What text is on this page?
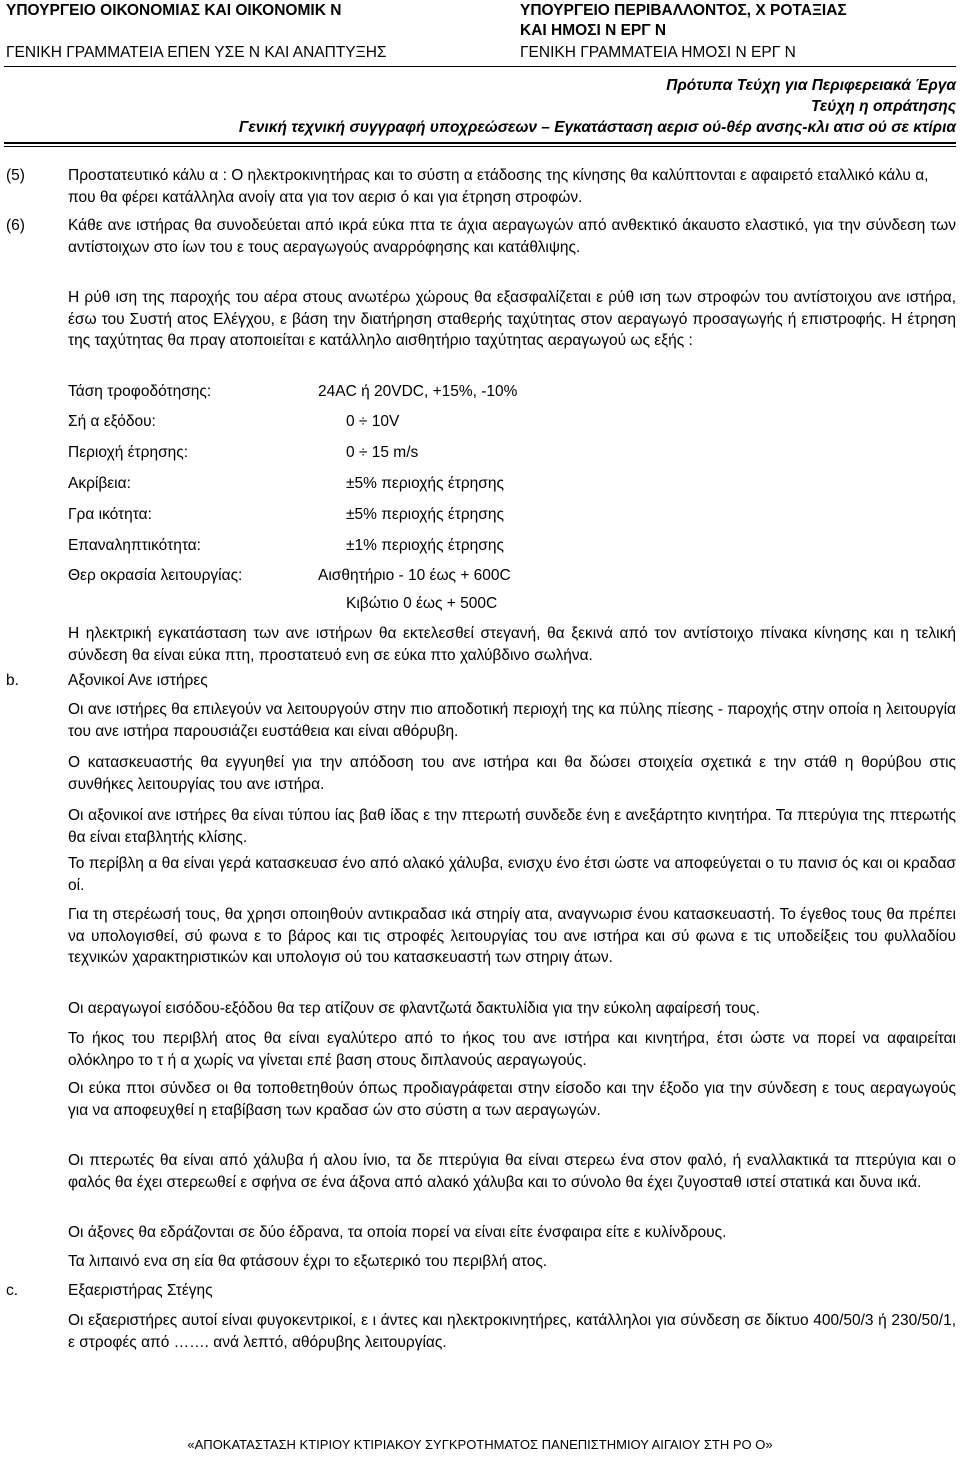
ΥΠΟΥΡΓΕΙΟ ΟΙΚΟΝΟΜΙΑΣ ΚΑΙ ΟΙΚΟΝΟΜΙΚ Ν
ΓΕΝΙΚΗ ΓΡΑΜΜΑΤΕΙΑ ΕΠΕΝ ΥΣΕ Ν ΚΑΙ ΑΝΑΠΤΥΞΗΣ
ΥΠΟΥΡΓΕΙΟ ΠΕΡΙΒΑΛΛΟΝΤΟΣ, Χ ΡΟΤΑΞΙΑΣ
ΚΑΙ ΗΜΟΣΙ Ν ΕΡΓ Ν
ΓΕΝΙΚΗ ΓΡΑΜΜΑΤΕΙΑ ΗΜΟΣΙ Ν ΕΡΓ Ν
Πρότυπα Τεύχη για Περιφερειακά Έργα
Τεύχη η οπράτησης
Γενική τεχνική συγγραφή υποχρεώσεων – Εγκατάσταση αερισ ού-θέρ ανσης-κλι ατισ ού σε κτίρια
(5)	Προστατευτικό κάλυ α : Ο ηλεκτροκινητήρας και το σύστη α ετάδοσης της κίνησης θα καλύπτονται ε αφαιρετό εταλλικό κάλυ α, που θα φέρει κατάλληλα ανοίγ ατα για τον αερισ ό και για έτρηση στροφών.
(6)	Κάθε ανε ιστήρας θα συνοδεύεται από ικρά εύκα πτα τε άχια αεραγωγών από ανθεκτικό άκαυστο ελαστικό, για την σύνδεση των αντίστοιχων στο ίων του ε τους αεραγωγούς αναρρόφησης και κατάθλιψης.
Η ρύθ ιση της παροχής του αέρα στους ανωτέρω χώρους θα εξασφαλίζεται ε ρύθ ιση των στροφών του αντίστοιχου ανε ιστήρα, έσω του Συστή ατος Ελέγχου, ε βάση την διατήρηση σταθερής ταχύτητας στον αεραγωγό προσαγωγής ή επιστροφής. Η έτρηση της ταχύτητας θα πραγ ατοποιείται ε κατάλληλο αισθητήριο ταχύτητας αεραγωγού ως εξής :
Τάση τροφοδότησης:	24AC ή 20VDC, +15%, -10%
Σή α εξόδου:	0 ÷ 10V
Περιοχή έτρησης:	0 ÷ 15 m/s
Ακρίβεια:	±5% περιοχής έτρησης
Γρα ικότητα:	±5% περιοχής έτρησης
Επαναληπτικότητα:	±1% περιοχής έτρησης
Θερ οκρασία λειτουργίας:	Αισθητήριο - 10 έως + 600C
Κιβώτιο 0 έως + 500C
Η ηλεκτρική εγκατάσταση των ανε ιστήρων θα εκτελεσθεί στεγανή, θα ξεκινά από τον αντίστοιχο πίνακα κίνησης και η τελική σύνδεση θα είναι εύκα πτη, προστατευό ενη σε εύκα πτο χαλύβδινο σωλήνα.
b.	Αξονικοί Ανε ιστήρες
Οι ανε ιστήρες θα επιλεγούν να λειτουργούν στην πιο αποδοτική περιοχή της κα πύλης πίεσης - παροχής στην οποία η λειτουργία του ανε ιστήρα παρουσιάζει ευστάθεια και είναι αθόρυβη.
Ο κατασκευαστής θα εγγυηθεί για την απόδοση του ανε ιστήρα και θα δώσει στοιχεία σχετικά ε την στάθ η θορύβου στις συνθήκες λειτουργίας του ανε ιστήρα.
Οι αξονικοί ανε ιστήρες θα είναι τύπου ίας βαθ ίδας ε την πτερωτή συνδεδε ένη ε ανεξάρτητο κινητήρα. Τα πτερύγια της πτερωτής θα είναι εταβλητής κλίσης.
Το περίβλη α θα είναι γερά κατασκευασ ένο από αλακό χάλυβα, ενισχυ ένο έτσι ώστε να αποφεύγεται ο τυ πανισ ός και οι κραδασ οί.
Για τη στερέωσή τους, θα χρησι οποιηθούν αντικραδασ ικά στηρίγ ατα, αναγνωρισ ένου κατασκευαστή. Το έγεθος τους θα πρέπει να υπολογισθεί, σύ φωνα ε το βάρος και τις στροφές λειτουργίας του ανε ιστήρα και σύ φωνα ε τις υποδείξεις του φυλλαδίου τεχνικών χαρακτηριστικών και υπολογισ ού του κατασκευαστή των στηριγ άτων.
Οι αεραγωγοί εισόδου-εξόδου θα τερ ατίζουν σε φλαντζωτά δακτυλίδια για την εύκολη αφαίρεσή τους.
Το ήκος του περιβλή ατος θα είναι εγαλύτερο από το ήκος του ανε ιστήρα και κινητήρα, έτσι ώστε να πορεί να αφαιρείται ολόκληρο το τ ή α χωρίς να γίνεται επέ βαση στους διπλανούς αεραγωγούς.
Οι εύκα πτοι σύνδεσ οι θα τοποθετηθούν όπως προδιαγράφεται στην είσοδο και την έξοδο για την σύνδεση ε τους αεραγωγούς για να αποφευχθεί η εταβίβαση των κραδασ ών στο σύστη α των αεραγωγών.
Οι πτερωτές θα είναι από χάλυβα ή αλου ίνιο, τα δε πτερύγια θα είναι στερεω ένα στον φαλό, ή εναλλακτικά τα πτερύγια και ο φαλός θα έχει στερεωθεί ε σφήνα σε ένα άξονα από αλακό χάλυβα και το σύνολο θα έχει ζυγοσταθ ιστεί στατικά και δυνα ικά.
Οι άξονες θα εδράζονται σε δύο έδρανα, τα οποία πορεί να είναι είτε ένσφαιρα είτε ε κυλίνδρους.
Τα λιπαινό ενα ση εία θα φτάσουν έχρι το εξωτερικό του περιβλή ατος.
c.	Εξαεριστήρας Στέγης
Οι εξαεριστήρες αυτοί είναι φυγοκεντρικοί, ε ι άντες και ηλεκτροκινητήρες, κατάλληλοι για σύνδεση σε δίκτυο 400/50/3 ή 230/50/1, ε στροφές από ……. ανά λεπτό, αθόρυβης λειτουργίας.
«ΑΠΟΚΑΤΑΣΤΑΣΗ ΚΤΙΡΙΟΥ ΚΤΙΡΙΑΚΟΥ ΣΥΓΚΡΟΤΗΜΑΤΟΣ ΠΑΝΕΠΙΣΤΗΜΙΟΥ ΑΙΓΑΙΟΥ ΣΤΗ ΡΟ Ο»
